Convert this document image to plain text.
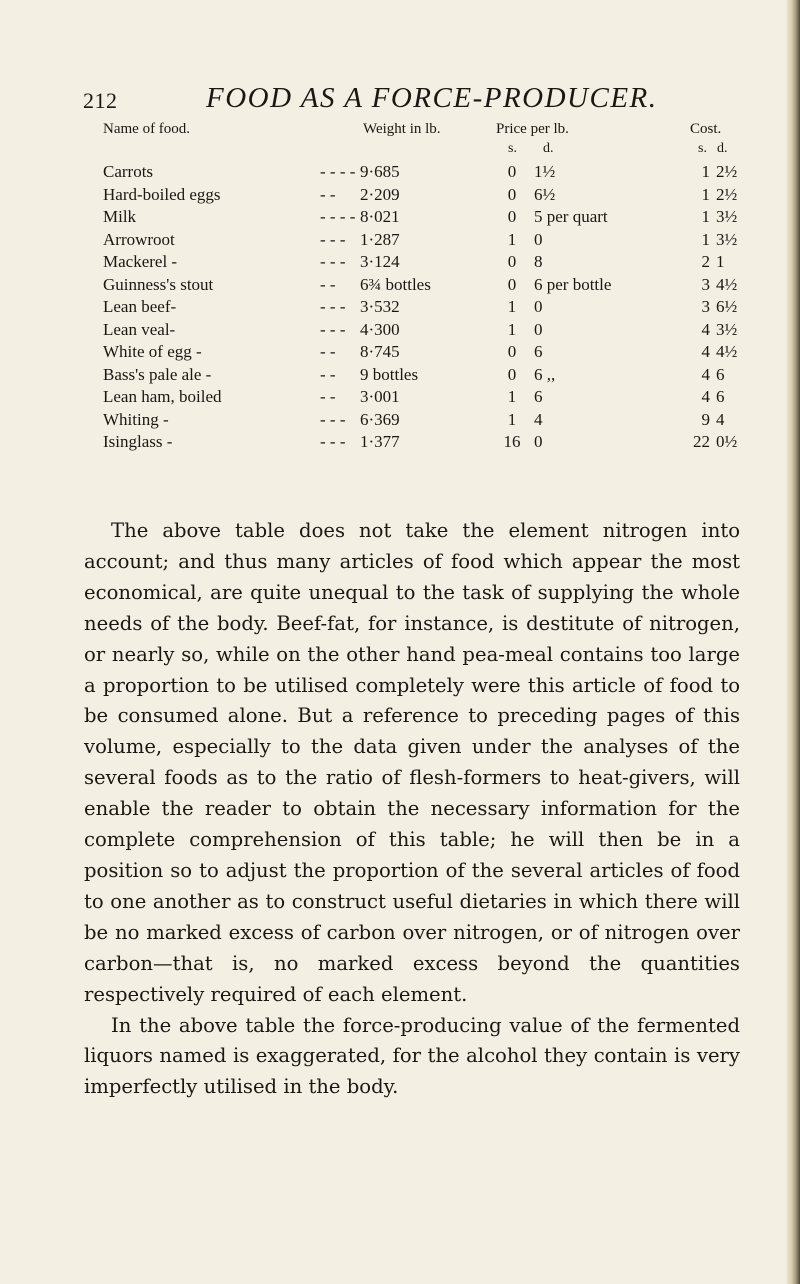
212	FOOD AS A FORCE-PRODUCER.
Name of food.	Weight in lb.	Price per lb.	Cost.
s. d.	s. d.
Carrots	- - - - 9·685	0	1½	1 2½
Hard-boiled eggs	- - 2·209	0	6½	1 2½
Milk	- - - - 8·021	0	5 per quart	1 3½
Arrowroot	- - - 1·287	1	0	1 3½
Mackerel -	- - - 3·124	0	8	2 1
Guinness's stout	- - 6¾ bottles	0	6 per bottle	3 4½
Lean beef-	- - - 3·532	1	0	3 6½
Lean veal-	- - - 4·300	1	0	4 3½
White of egg -	- - 8·745	0	6	4 4½
Bass's pale ale -	- - 9 bottles	0	6 ,,	4 6
Lean ham, boiled	- - 3·001	1	6	4 6
Whiting -	- - - 6·369	1	4	9 4
Isinglass -	- - - 1·377	16 0	22 0½

The above table does not take the element nitrogen into account; and thus many articles of food which appear the most economical, are quite unequal to the task of supplying the whole needs of the body. Beef-fat, for instance, is destitute of nitrogen, or nearly so, while on the other hand pea-meal contains too large a proportion to be utilised completely were this article of food to be consumed alone. But a reference to preceding pages of this volume, especially to the data given under the analyses of the several foods as to the ratio of flesh-formers to heat-givers, will enable the reader to obtain the necessary information for the complete comprehension of this table; he will then be in a position so to adjust the proportion of the several articles of food to one another as to construct useful dietaries in which there will be no marked excess of carbon over nitrogen, or of nitrogen over carbon—that is, no marked excess beyond the quantities respectively required of each element.

In the above table the force-producing value of the fermented liquors named is exaggerated, for the alcohol they contain is very imperfectly utilised in the body.
